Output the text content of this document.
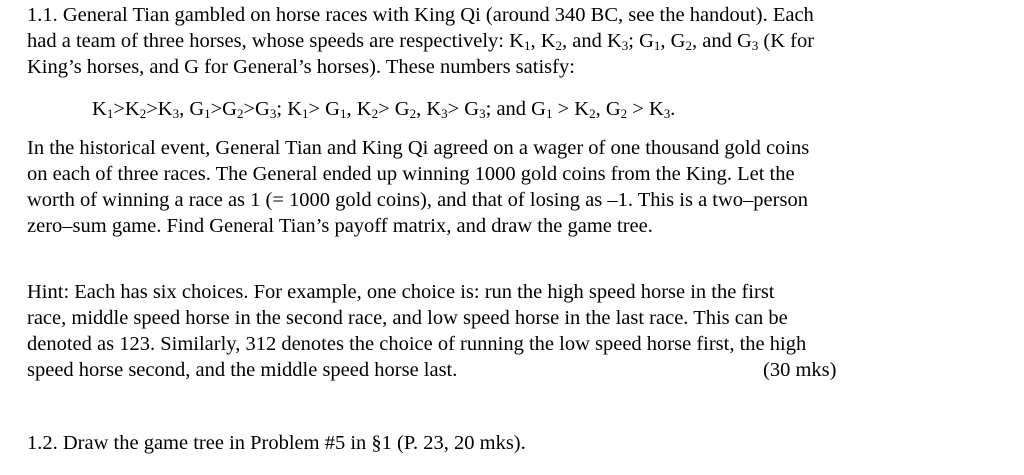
1.1. General Tian gambled on horse races with King Qi (around 340 BC, see the handout). Each
had a team of three horses, whose speeds are respectively: $K_1$, $K_2$, and $K_3$; $G_1$, $G_2$, and $G_3$ (K for
King’s horses, and G for General’s horses). These numbers satisfy:

$K_1>K_2>K_3$, $G_1>G_2>G_3$; $K_1> G_1$, $K_2> G_2$, $K_3> G_3$; and $G_1 > K_2$, $G_2 > K_3$.

In the historical event, General Tian and King Qi agreed on a wager of one thousand gold coins
on each of three races. The General ended up winning 1000 gold coins from the King. Let the
worth of winning a race as 1 (= 1000 gold coins), and that of losing as –1. This is a two–person
zero–sum game. Find General Tian’s payoff matrix, and draw the game tree.
Hint: Each has six choices. For example, one choice is: run the high speed horse in the first
race, middle speed horse in the second race, and low speed horse in the last race. This can be
denoted as 123. Similarly, 312 denotes the choice of running the low speed horse first, the high
speed horse second, and the middle speed horse last.	(30 mks)
1.2. Draw the game tree in Problem #5 in §1 (P. 23, 20 mks).
